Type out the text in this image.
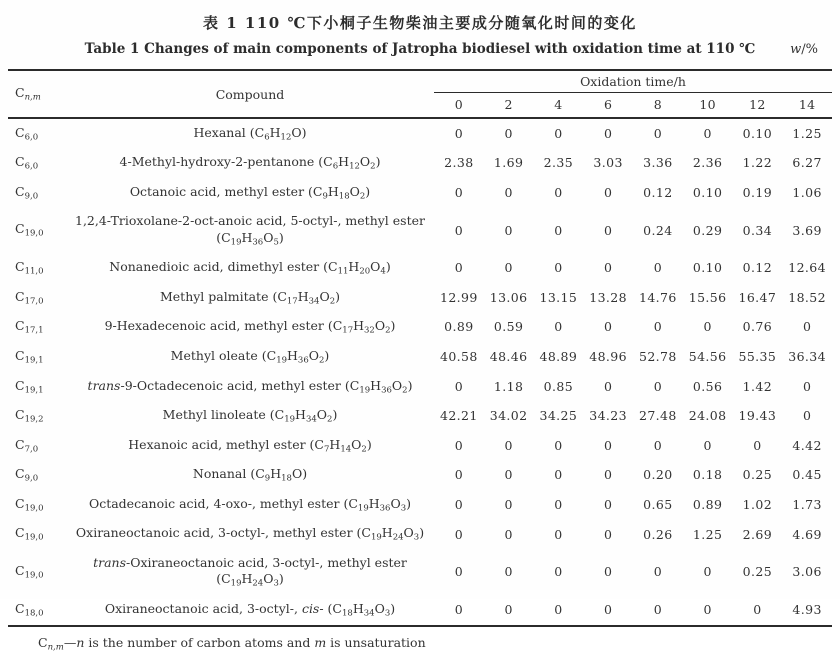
表 1 110 ℃下小桐子生物柴油主要成分随氧化时间的变化
Table 1 Changes of main components of Jatropha biodiesel with oxidation time at 110 ℃	w/%
$C_{n,m}$	Compound	Oxidation time/h							
		0	2	4	6	8	10	12	14
$C_{6,0}$	Hexanal $(C_6H_{12}O)$	0	0	0	0	0	0	0.10	1.25
$C_{6,0}$	4-Methyl-hydroxy-2-pentanone $(C_6H_{12}O_2)$	2.38	1.69	2.35	3.03	3.36	2.36	1.22	6.27
$C_{9,0}$	Octanoic acid, methyl ester $(C_9H_{18}O_2)$	0	0	0	0	0.12	0.10	0.19	1.06
$C_{19,0}$	1,2,4-Trioxolane-2-oct-anoic acid, 5-octyl-, methyl ester $(C_{19}H_{36}O_5)$	0	0	0	0	0.24	0.29	0.34	3.69
$C_{11,0}$	Nonanedioic acid, dimethyl ester $(C_{11}H_{20}O_4)$	0	0	0	0	0	0.10	0.12	12.64
$C_{17,0}$	Methyl palmitate $(C_{17}H_{34}O_2)$	12.99	13.06	13.15	13.28	14.76	15.56	16.47	18.52
$C_{17,1}$	9-Hexadecenoic acid, methyl ester $(C_{17}H_{32}O_2)$	0.89	0.59	0	0	0	0	0.76	0
$C_{19,1}$	Methyl oleate $(C_{19}H_{36}O_2)$	40.58	48.46	48.89	48.96	52.78	54.56	55.35	36.34
$C_{19,1}$	trans-9-Octadecenoic acid, methyl ester $(C_{19}H_{36}O_2)$	0	1.18	0.85	0	0	0.56	1.42	0
$C_{19,2}$	Methyl linoleate $(C_{19}H_{34}O_2)$	42.21	34.02	34.25	34.23	27.48	24.08	19.43	0
$C_{7,0}$	Hexanoic acid, methyl ester $(C_7H_{14}O_2)$	0	0	0	0	0	0	0	4.42
$C_{9,0}$	Nonanal $(C_9H_{18}O)$	0	0	0	0	0.20	0.18	0.25	0.45
$C_{19,0}$	Octadecanoic acid, 4-oxo-, methyl ester $(C_{19}H_{36}O_3)$	0	0	0	0	0.65	0.89	1.02	1.73
$C_{19,0}$	Oxiraneoctanoic acid, 3-octyl-, methyl ester $(C_{19}H_{24}O_3)$	0	0	0	0	0.26	1.25	2.69	4.69
$C_{19,0}$	trans-Oxiraneoctanoic acid, 3-octyl-, methyl ester $(C_{19}H_{24}O_3)$	0	0	0	0	0	0	0.25	3.06
$C_{18,0}$	Oxiraneoctanoic acid, 3-octyl-, cis- $(C_{18}H_{34}O_3)$	0	0	0	0	0	0	0	4.93
$C_{n,m}—n$ is the number of carbon atoms and m is unsaturation
